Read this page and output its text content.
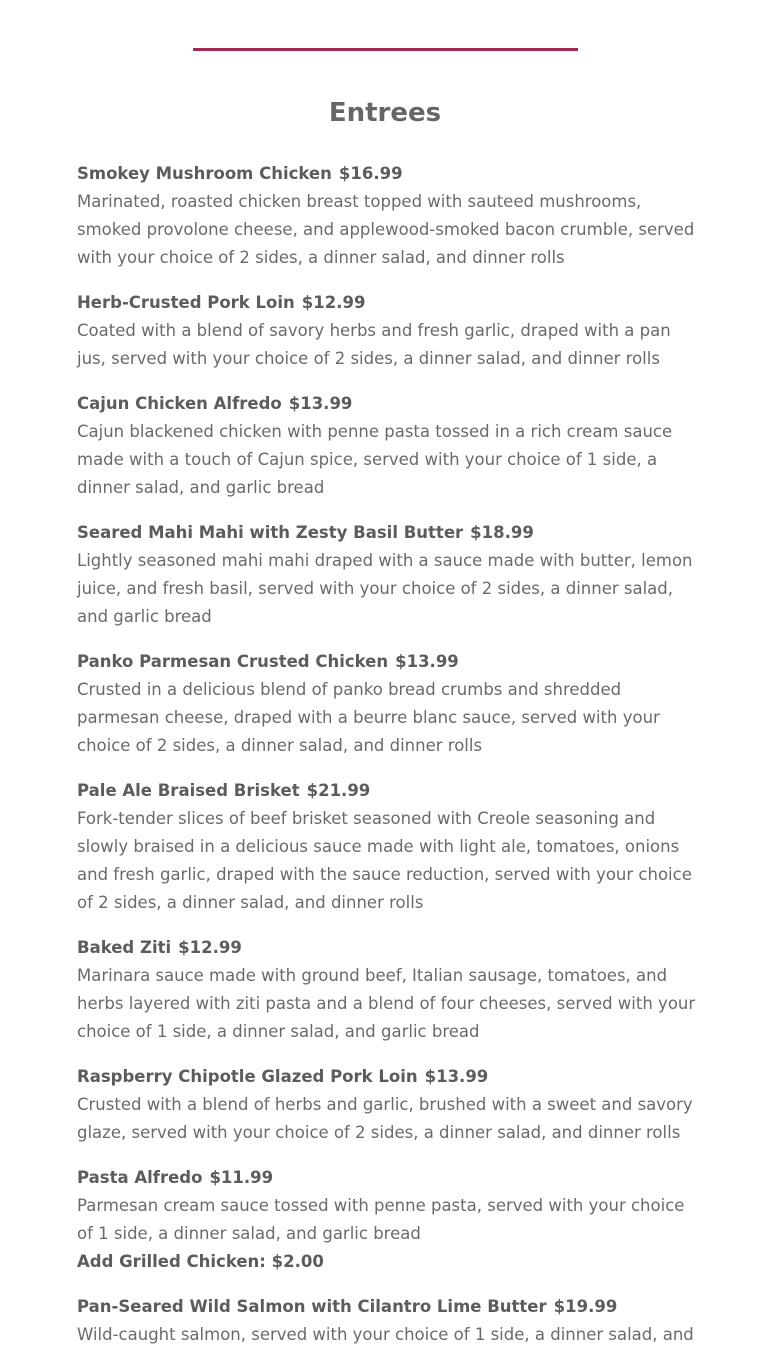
Entrees
Smokey Mushroom Chicken $16.99
Marinated, roasted chicken breast topped with sauteed mushrooms, smoked provolone cheese, and applewood-smoked bacon crumble, served with your choice of 2 sides, a dinner salad, and dinner rolls
Herb-Crusted Pork Loin $12.99
Coated with a blend of savory herbs and fresh garlic, draped with a pan jus, served with your choice of 2 sides, a dinner salad, and dinner rolls
Cajun Chicken Alfredo $13.99
Cajun blackened chicken with penne pasta tossed in a rich cream sauce made with a touch of Cajun spice, served with your choice of 1 side, a dinner salad, and garlic bread
Seared Mahi Mahi with Zesty Basil Butter $18.99
Lightly seasoned mahi mahi draped with a sauce made with butter, lemon juice, and fresh basil, served with your choice of 2 sides, a dinner salad, and garlic bread
Panko Parmesan Crusted Chicken $13.99
Crusted in a delicious blend of panko bread crumbs and shredded parmesan cheese, draped with a beurre blanc sauce, served with your choice of 2 sides, a dinner salad, and dinner rolls
Pale Ale Braised Brisket $21.99
Fork-tender slices of beef brisket seasoned with Creole seasoning and slowly braised in a delicious sauce made with light ale, tomatoes, onions and fresh garlic, draped with the sauce reduction, served with your choice of 2 sides, a dinner salad, and dinner rolls
Baked Ziti $12.99
Marinara sauce made with ground beef, Italian sausage, tomatoes, and herbs layered with ziti pasta and a blend of four cheeses, served with your choice of 1 side, a dinner salad, and garlic bread
Raspberry Chipotle Glazed Pork Loin $13.99
Crusted with a blend of herbs and garlic, brushed with a sweet and savory glaze, served with your choice of 2 sides, a dinner salad, and dinner rolls
Pasta Alfredo $11.99
Parmesan cream sauce tossed with penne pasta, served with your choice of 1 side, a dinner salad, and garlic bread
Add Grilled Chicken: $2.00
Pan-Seared Wild Salmon with Cilantro Lime Butter $19.99
Wild-caught salmon, served with your choice of 1 side, a dinner salad, and
